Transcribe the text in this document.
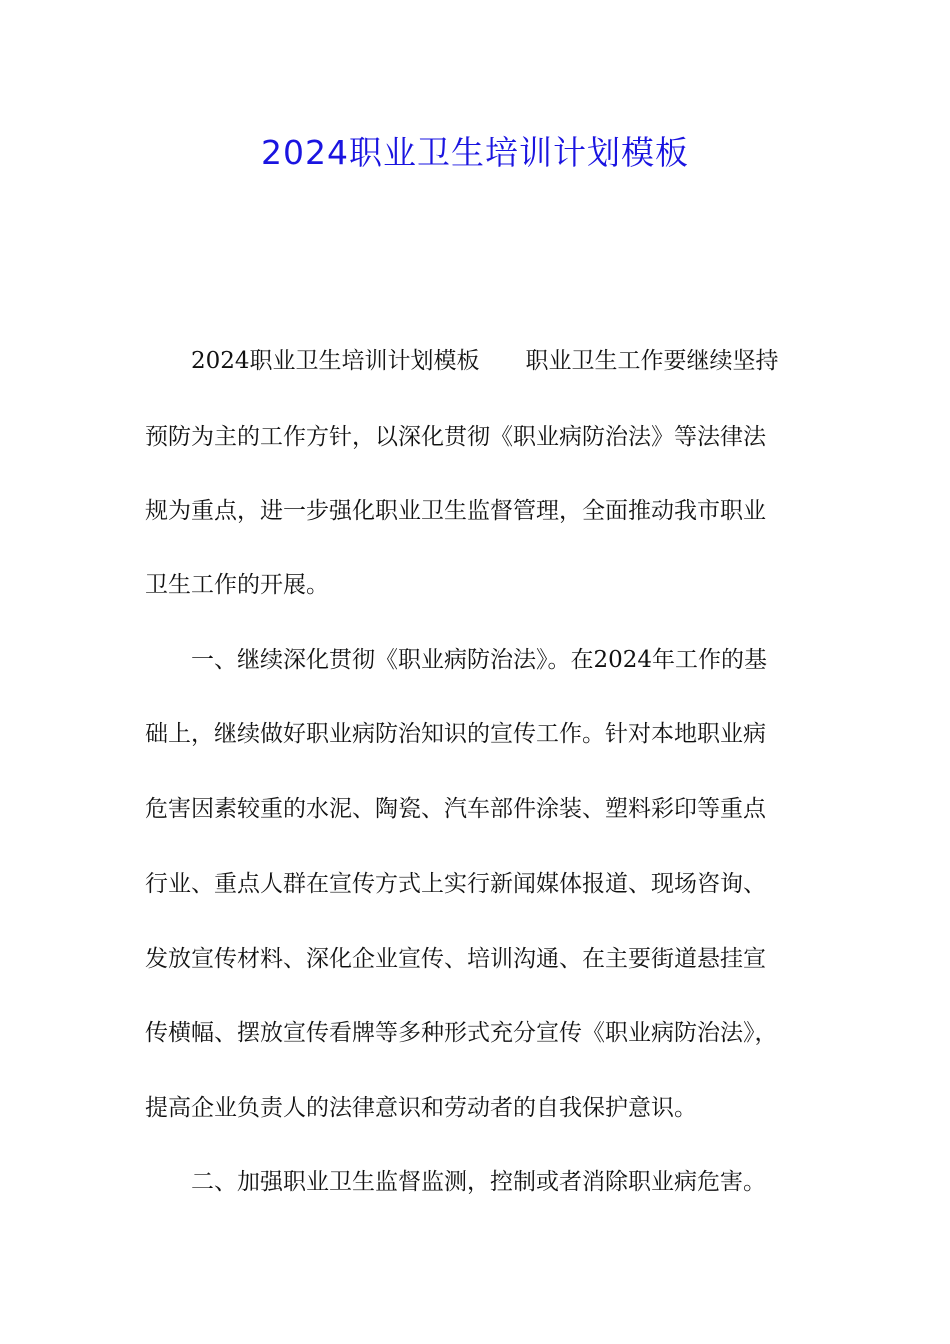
2024职业卫生培训计划模板
2024职业卫生培训计划模板　　职业卫生工作要继续坚持
预防为主的工作方针，以深化贯彻《职业病防治法》等法律法
规为重点，进一步强化职业卫生监督管理，全面推动我市职业
卫生工作的开展。
一、继续深化贯彻《职业病防治法》。在2024年工作的基
础上，继续做好职业病防治知识的宣传工作。针对本地职业病
危害因素较重的水泥、陶瓷、汽车部件涂装、塑料彩印等重点
行业、重点人群在宣传方式上实行新闻媒体报道、现场咨询、
发放宣传材料、深化企业宣传、培训沟通、在主要街道悬挂宣
传横幅、摆放宣传看牌等多种形式充分宣传《职业病防治法》，
提高企业负责人的法律意识和劳动者的自我保护意识。
二、加强职业卫生监督监测，控制或者消除职业病危害。
